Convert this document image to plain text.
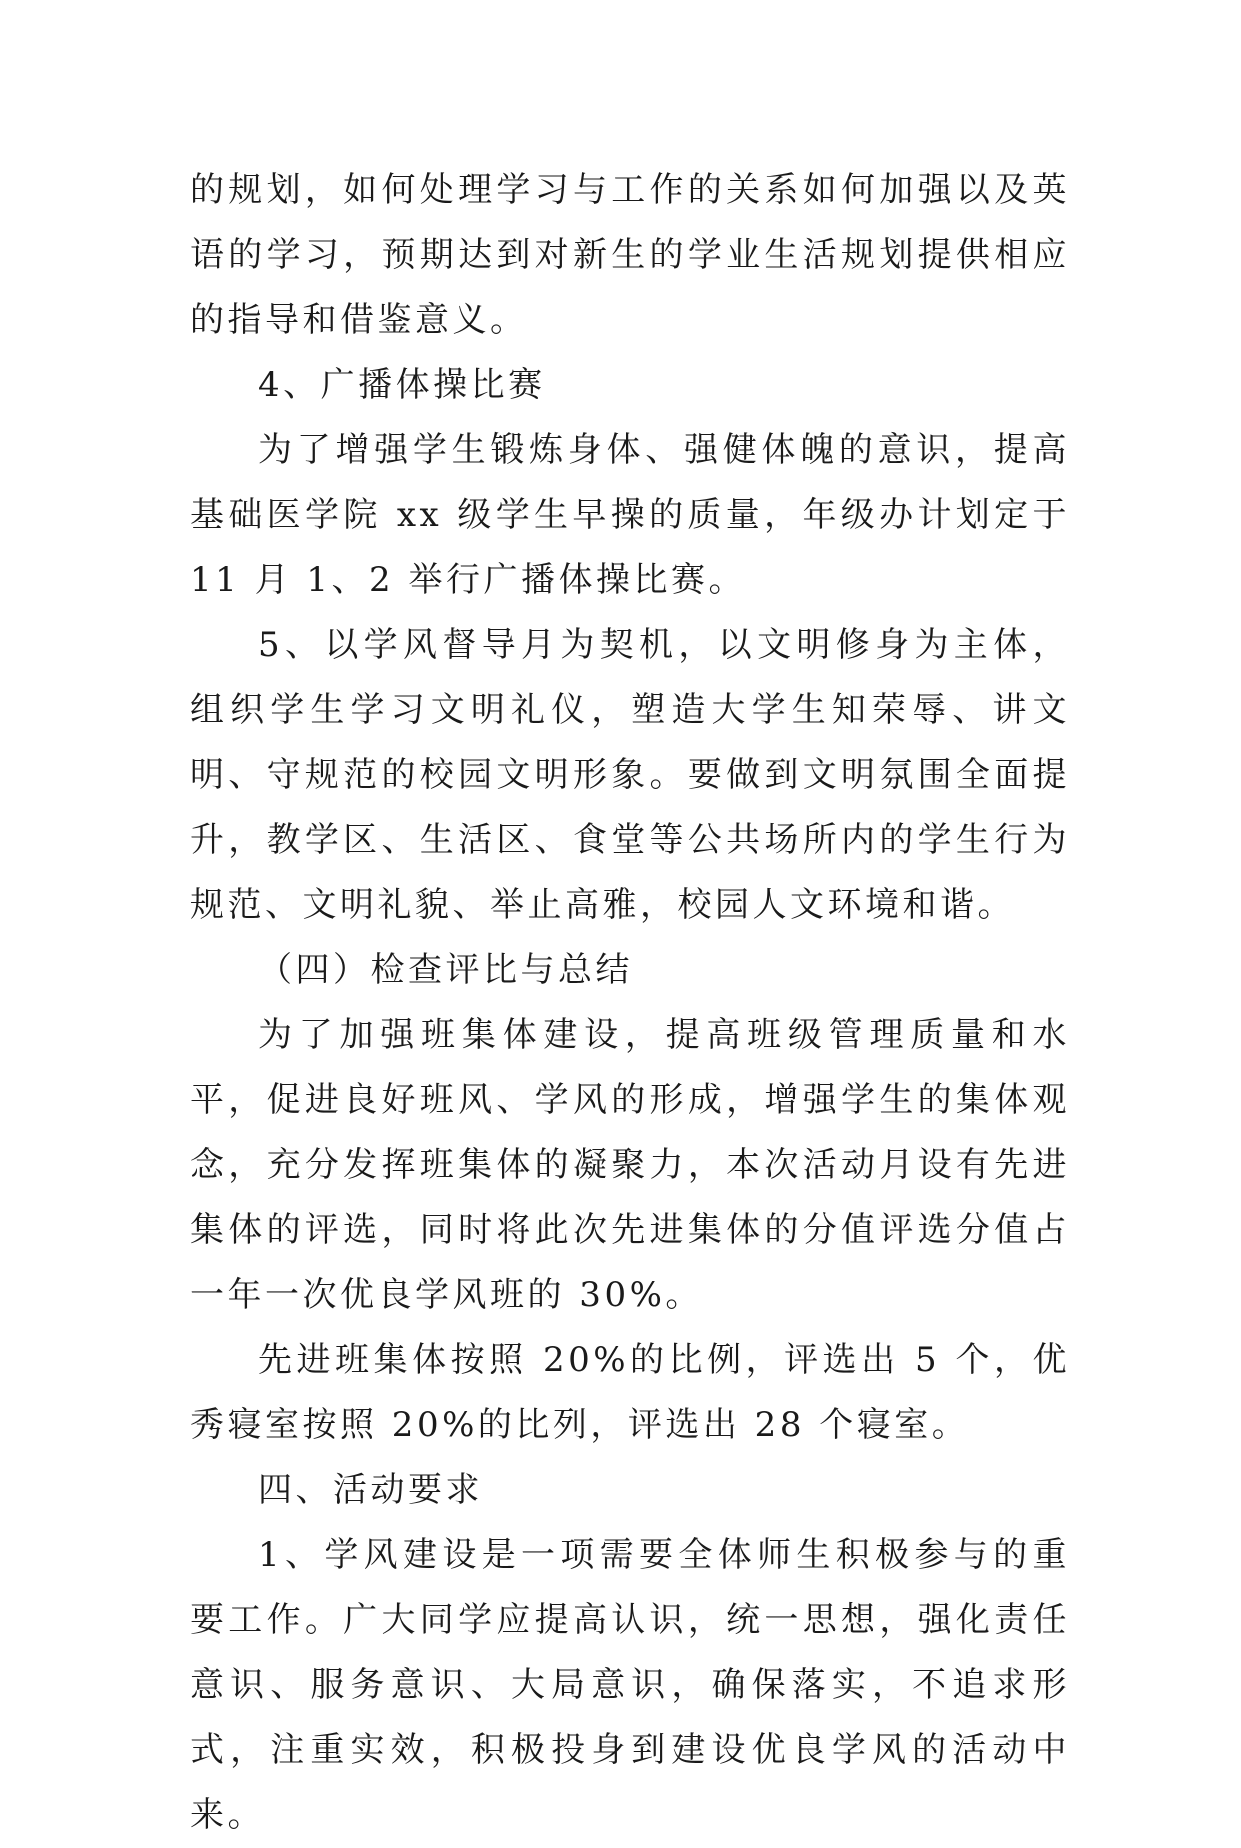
的规划，如何处理学习与工作的关系如何加强以及英语的学习，预期达到对新生的学业生活规划提供相应的指导和借鉴意义。

4、广播体操比赛

为了增强学生锻炼身体、强健体魄的意识，提高基础医学院 xx 级学生早操的质量，年级办计划定于 11 月 1、2 举行广播体操比赛。

5、以学风督导月为契机，以文明修身为主体，组织学生学习文明礼仪，塑造大学生知荣辱、讲文明、守规范的校园文明形象。要做到文明氛围全面提升，教学区、生活区、食堂等公共场所内的学生行为规范、文明礼貌、举止高雅，校园人文环境和谐。

（四）检查评比与总结

为了加强班集体建设，提高班级管理质量和水平，促进良好班风、学风的形成，增强学生的集体观念，充分发挥班集体的凝聚力，本次活动月设有先进集体的评选，同时将此次先进集体的分值评选分值占一年一次优良学风班的 30%。

先进班集体按照 20%的比例，评选出 5 个，优秀寝室按照 20%的比列，评选出 28 个寝室。

四、活动要求

1、学风建设是一项需要全体师生积极参与的重要工作。广大同学应提高认识，统一思想，强化责任意识、服务意识、大局意识，确保落实，不追求形式，注重实效，积极投身到建设优良学风的活动中来。
